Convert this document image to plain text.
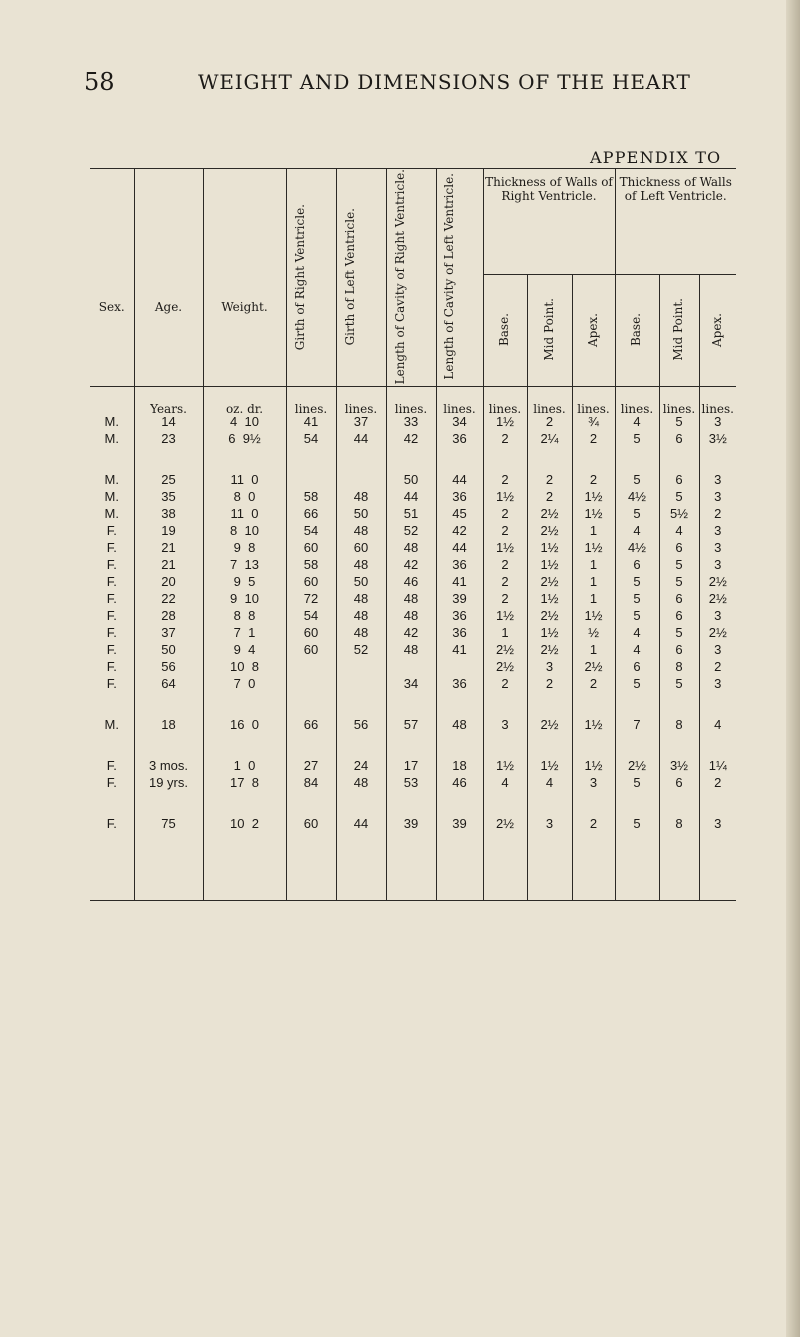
58	WEIGHT AND DIMENSIONS OF THE HEART
APPENDIX TO
Sex.	Age.	Weight.	Girth of Right Ventricle.	Girth of Left Ventricle.	Length of Cavity of Right Ventricle.	Length of Cavity of Left Ventricle.	Thickness of Walls of Right Ventricle.			Thickness of Walls of Left Ventricle.		
							Base.	Mid Point.	Apex.	Base.	Mid Point.	Apex.
	Years.	oz. dr.	lines.	lines.	lines.	lines.	lines.	lines.	lines.	lines.	lines.	lines.
M.	14	4  10	41	37	33	34	1½	2	¾	4	5	3
M.	23	6  9½	54	44	42	36	2	2¼	2	5	6	3½

M.	25	11  0			50	44	2	2	2	5	6	3
M.	35	8  0	58	48	44	36	1½	2	1½	4½	5	3
M.	38	11  0	66	50	51	45	2	2½	1½	5	5½	2
F.	19	8  10	54	48	52	42	2	2½	1	4	4	3
F.	21	9  8	60	60	48	44	1½	1½	1½	4½	6	3
F.	21	7  13	58	48	42	36	2	1½	1	6	5	3
F.	20	9  5	60	50	46	41	2	2½	1	5	5	2½
F.	22	9  10	72	48	48	39	2	1½	1	5	6	2½
F.	28	8  8	54	48	48	36	1½	2½	1½	5	6	3
F.	37	7  1	60	48	42	36	1	1½	½	4	5	2½
F.	50	9  4	60	52	48	41	2½	2½	1	4	6	3
F.	56	10  8					2½	3	2½	6	8	2
F.	64	7  0			34	36	2	2	2	5	5	3

M.	18	16  0	66	56	57	48	3	2½	1½	7	8	4

F.	3 mos.	1  0	27	24	17	18	1½	1½	1½	2½	3½	1¼
F.	19 yrs.	17  8	84	48	53	46	4	4	3	5	6	2

F.	75	10  2	60	44	39	39	2½	3	2	5	8	3
